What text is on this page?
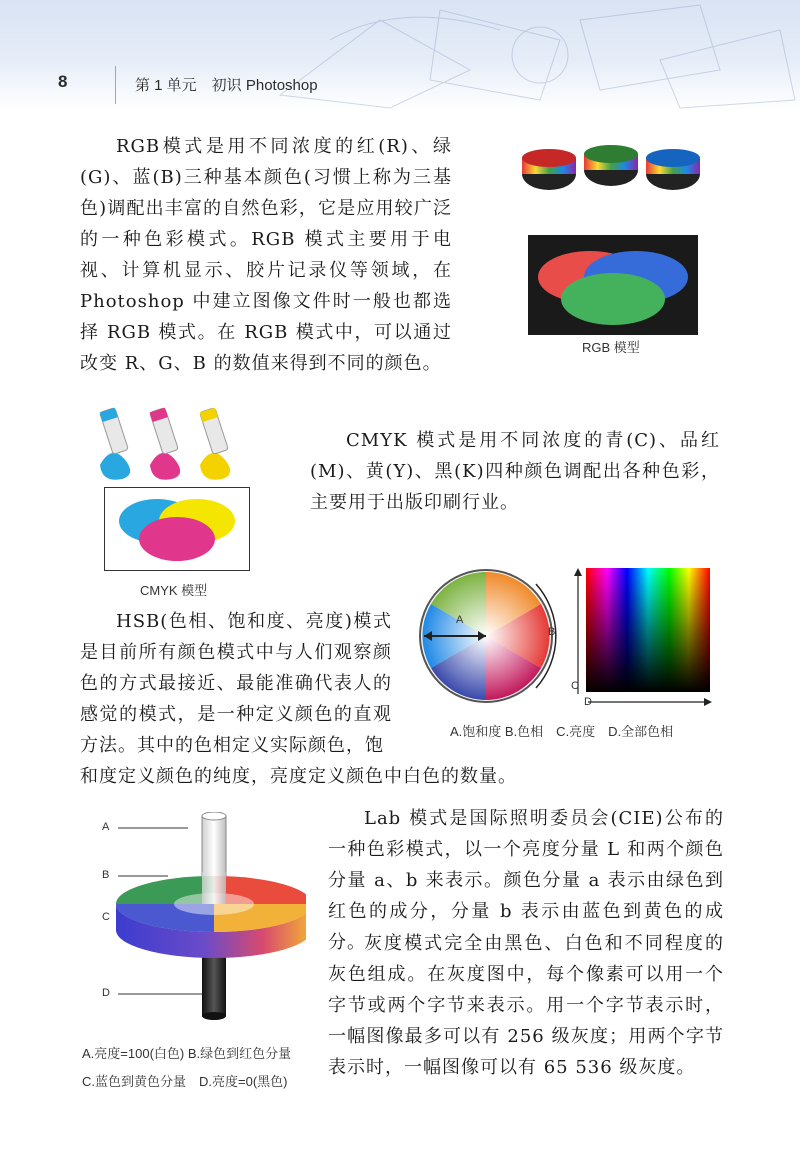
8	第 1 单元　初识 Photoshop

RGB模式是用不同浓度的红(R)、绿(G)、蓝(B)三种基本颜色(习惯上称为三基色)调配出丰富的自然色彩，它是应用较广泛的一种色彩模式。RGB 模式主要用于电视、计算机显示、胶片记录仪等领域，在 Photoshop 中建立图像文件时一般也都选择 RGB 模式。在 RGB 模式中，可以通过改变 R、G、B 的数值来得到不同的颜色。

RGB 模型

CMYK 模型

CMYK 模式是用不同浓度的青(C)、品红(M)、黄(Y)、黑(K)四种颜色调配出各种色彩，主要用于出版印刷行业。

HSB(色相、饱和度、亮度)模式是目前所有颜色模式中与人们观察颜色的方式最接近、最能准确代表人的感觉的模式，是一种定义颜色的直观方法。其中的色相定义实际颜色，饱

和度定义颜色的纯度，亮度定义颜色中白色的数量。

A
B
C
D

A.饱和度 B.色相　C.亮度　D.全部色相

A
B
C
D

A.亮度=100(白色) B.绿色到红色分量

C.蓝色到黄色分量　D.亮度=0(黑色)

Lab 模式是国际照明委员会(CIE)公布的一种色彩模式，以一个亮度分量 L 和两个颜色分量 a、b 来表示。颜色分量 a 表示由绿色到红色的成分，分量 b 表示由蓝色到黄色的成分。

灰度模式完全由黑色、白色和不同程度的灰色组成。在灰度图中，每个像素可以用一个字节或两个字节来表示。用一个字节表示时，一幅图像最多可以有 256 级灰度；用两个字节表示时，一幅图像可以有 65 536 级灰度。
